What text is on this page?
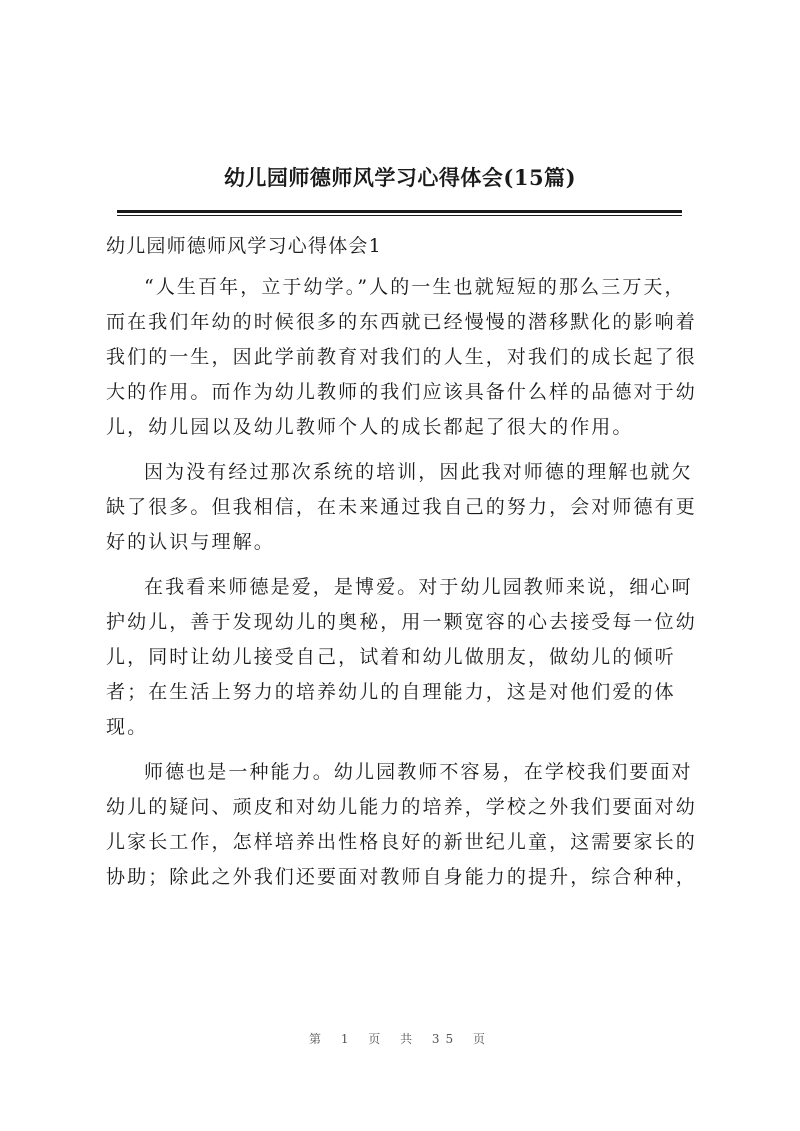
幼儿园师德师风学习心得体会(15篇)
幼儿园师德师风学习心得体会1

“人生百年，立于幼学。”人的一生也就短短的那么三万天，而在我们年幼的时候很多的东西就已经慢慢的潜移默化的影响着我们的一生，因此学前教育对我们的人生，对我们的成长起了很大的作用。而作为幼儿教师的我们应该具备什么样的品德对于幼儿，幼儿园以及幼儿教师个人的成长都起了很大的作用。

因为没有经过那次系统的培训，因此我对师德的理解也就欠缺了很多。但我相信，在未来通过我自己的努力，会对师德有更好的认识与理解。

在我看来师德是爱，是博爱。对于幼儿园教师来说，细心呵护幼儿，善于发现幼儿的奥秘，用一颗宽容的心去接受每一位幼儿，同时让幼儿接受自己，试着和幼儿做朋友，做幼儿的倾听者；在生活上努力的培养幼儿的自理能力，这是对他们爱的体现。

师德也是一种能力。幼儿园教师不容易，在学校我们要面对幼儿的疑问、顽皮和对幼儿能力的培养，学校之外我们要面对幼儿家长工作，怎样培养出性格良好的新世纪儿童，这需要家长的协助；除此之外我们还要面对教师自身能力的提升，综合种种，

第 1 页 共 35 页
